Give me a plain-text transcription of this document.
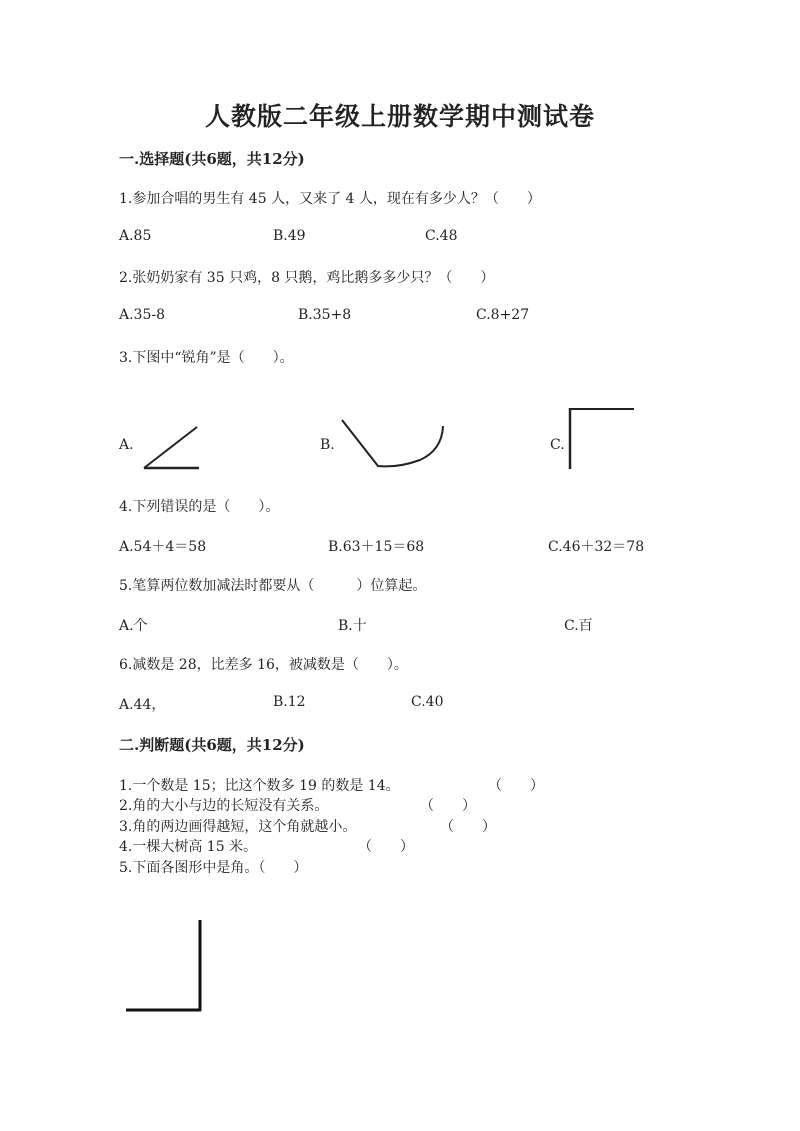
人教版二年级上册数学期中测试卷
一.选择题(共6题，共12分)
1.参加合唱的男生有 45 人，又来了 4 人，现在有多少人？（　　）
A.85	B.49	C.48
2.张奶奶家有 35 只鸡，8 只鹅，鸡比鹅多多少只？（　　）
A.35-8	B.35+8	C.8+27
3.下图中“锐角”是（　　）。
A.	B.	C.
4.下列错误的是（　　）。
A.54＋4＝58	B.63＋15＝68	C.46＋32＝78
5.笔算两位数加减法时都要从（　　　）位算起。
A.个	B.十	C.百
6.减数是 28，比差多 16，被减数是（　　）。
A.44，	B.12	C.40
二.判断题(共6题，共12分)
1.一个数是 15；比这个数多 19 的数是 14。	（　　）
2.角的大小与边的长短没有关系。	（　　）
3.角的两边画得越短，这个角就越小。	（　　）
4.一棵大树高 15 米。	（　　）
5.下面各图形中是角。（　　）
